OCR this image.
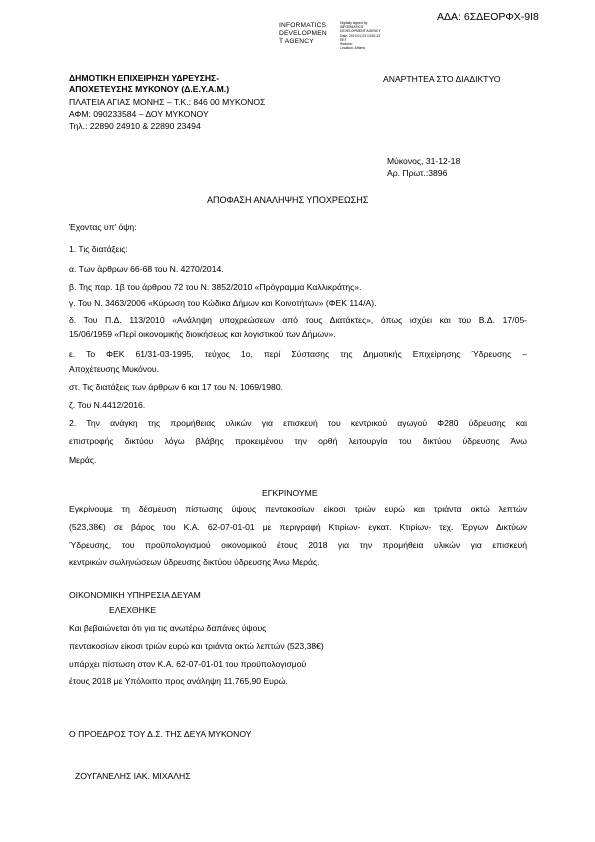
ΑΔΑ: 6ΣΔΕΟΡΦΧ-9Ι8
INFORMATICS
DEVELOPMEN
T AGENCY
Digitally signed by
INFORMATICS
DEVELOPMENT AGENCY
Date: 2019.01.03 13:52:13
EET
Reason:
Location: Athens
ΑΝΑΡΤΗΤΕΑ ΣΤΟ ΔΙΑΔΙΚΤΥΟ
ΔΗΜΟΤΙΚΗ ΕΠΙΧΕΙΡΗΣΗ ΥΔΡΕΥΣΗΣ-
ΑΠΟΧΕΤΕΥΣΗΣ ΜΥΚΟΝΟΥ (Δ.Ε.Υ.Α.Μ.)
ΠΛΑΤΕΙΑ ΑΓΙΑΣ ΜΟΝΗΣ – Τ.Κ.: 846 00 ΜΥΚΟΝΟΣ
ΑΦΜ: 090233584 – ΔΟΥ ΜΥΚΟΝΟΥ
Τηλ.: 22890 24910 & 22890 23494
Μύκονος, 31-12-18
Αρ. Πρωτ.:3896
ΑΠΟΦΑΣΗ ΑΝΑΛΗΨΗΣ ΥΠΟΧΡΕΩΣΗΣ
Έχοντας υπ' όψη:
1. Τις διατάξεις:
α. Των άρθρων 66-68 του Ν. 4270/2014.
β. Της παρ. 1β του άρθρου 72 του Ν. 3852/2010 «Πρόγραμμα Καλλικράτης».
γ. Του Ν. 3463/2006 «Κύρωση του Κώδικα Δήμων και Κοινοτήτων» (ΦΕΚ 114/Α).
δ. Του Π.Δ. 113/2010 «Ανάληψη υποχρεώσεων από τους Διατάκτες», όπως ισχύει και του Β.Δ. 17/05-
15/06/1959 «Περί οικονομικής διοικήσεως και λογιστικού των Δήμων».
ε. Το ΦΕΚ 61/31-03-1995, τεύχος 1ο, περί Σύστασης της Δημοτικής Επιχείρησης Ύδρευσης –
Αποχέτευσης Μυκόνου.
στ. Τις διατάξεις των άρθρων 6 και 17 του Ν. 1069/1980.
ζ. Του Ν.4412/2016.
2. Την ανάγκη της προμήθειας υλικών για επισκευή του κεντρικού αγωγού Φ280 ύδρευσης και
επιστροφής δικτύου λόγω βλάβης προκειμένου την ορθή λειτουργία του δικτύου ύδρευσης Άνω
Μεράς.
ΕΓΚΡΙΝΟΥΜΕ
Εγκρίνουμε τη δέσμευση πίστωσης ύψους πεντακοσίων είκοσι τριών ευρώ και τριάντα οκτώ λεπτών
(523,38€) σε βάρος του Κ.Α. 62-07-01-01 με περιγραφή Κτιρίων- εγκατ. Κτιρίων- τεχ. Έργων Δικτύων
Ύδρευσης, του προϋπολογισμού οικονομικού έτους 2018 για την προμήθεια υλικών για επισκευή
κεντρικών σωληνώσεων ύδρευσης δικτύου ύδρευσης Άνω Μεράς.
ΟΙΚΟΝΟΜΙΚΗ ΥΠΗΡΕΣΙΑ ΔΕΥΑΜ
ΕΛΕΧΘΗΚΕ
Και βεβαιώνεται ότι για τις ανωτέρω δαπάνες ύψους
πεντακοσίων είκοσι τριών ευρώ και τριάντα οκτώ λεπτών (523,38€)
υπάρχει πίστωση στον Κ.Α. 62-07-01-01 του προϋπολογισμού
έτους 2018 με Υπόλοιπο προς ανάληψη 11.765,90 Ευρώ.
Ο ΠΡΟΕΔΡΟΣ ΤΟΥ Δ.Σ. ΤΗΣ ΔΕΥΑ ΜΥΚΟΝΟΥ
ΖΟΥΓΑΝΕΛΗΣ ΙΑΚ. ΜΙΧΑΛΗΣ
